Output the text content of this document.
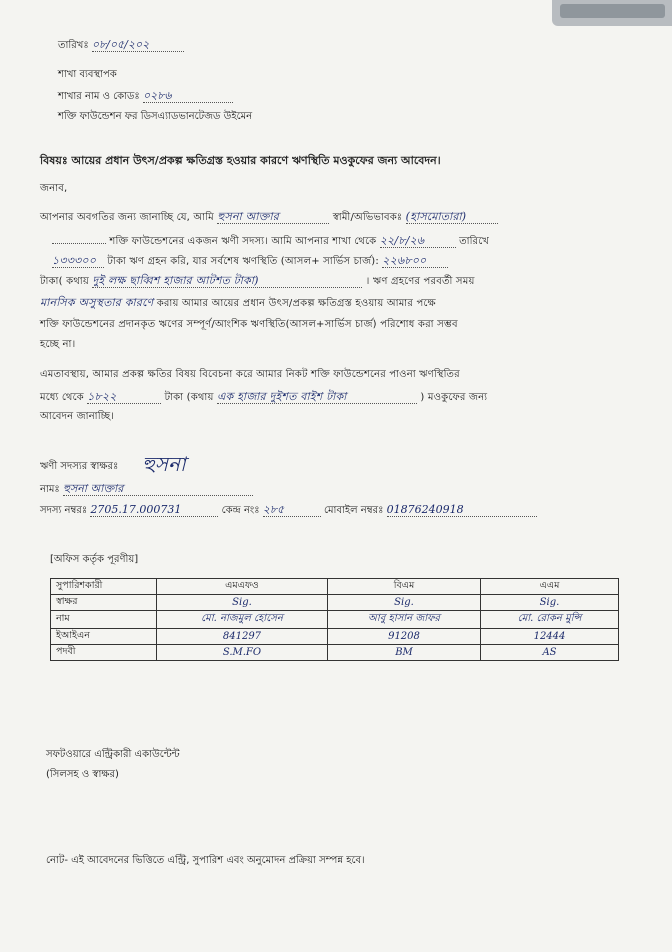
তারিখঃ ০৮/০৫/২০২
শাখা ব্যবস্থাপক
শাখার নাম ও কোডঃ ০২৮৬
শক্তি ফাউন্ডেশন ফর ডিসএ্যাডভানটেজড উইমেন
বিষয়ঃ আয়ের প্রধান উৎস/প্রকল্প ক্ষতিগ্রস্ত হওয়ার কারণে ঋণস্থিতি মওকুফের জন্য আবেদন।
জনাব,
আপনার অবগতির জন্য জানাচ্ছি যে, আমি হুসনা আক্তার	স্বামী/অভিভাবকঃ (হাসমোতারা)
শক্তি ফাউন্ডেশনের একজন ঋণী সদস্য। আমি আপনার শাখা থেকে ২২/৮/২৬	তারিখে
১৩৩৩০০ টাকা ঋণ গ্রহন করি, যার সর্বশেষ ঋণস্থিতি (আসল+ সার্ভিস চার্জ): ২২৬৮০০
টাকা( কথায় দুই লক্ষ ছাব্বিশ হাজার আটশত টাকা)	। ঋণ গ্রহণের পরবর্তী সময়
মানসিক অসুস্থতার কারণে করায় আমার আয়ের প্রধান উৎস/প্রকল্প ক্ষতিগ্রস্ত হওয়ায় আমার পক্ষে
শক্তি ফাউন্ডেশনের প্রদানকৃত ঋণের সম্পূর্ণ/আংশিক ঋণস্থিতি(আসল+সার্ভিস চার্জ) পরিশোধ করা সম্ভব
হচ্ছে না।
এমতাবস্থায়, আমার প্রকল্প ক্ষতির বিষয় বিবেচনা করে আমার নিকট শক্তি ফাউন্ডেশনের পাওনা ঋণস্থিতির
মধ্যে থেকে ১৮২২	টাকা (কথায় এক হাজার দুইশত বাইশ টাকা	) মওকুফের জন্য
আবেদন জানাচ্ছি।
ঋণী সদস্যর স্বাক্ষরঃ হুসনা
নামঃ হুসনা আক্তার
সদস্য নম্বরঃ 2705.17.000731	কেন্দ্র নংঃ ২৮৫	মোবাইল নম্বরঃ 01876240918
[অফিস কর্তৃক পূরণীয়]
সুপারিশকারী	এমএফও	বিএম	এএম
স্বাক্ষর	Sig.	Sig.	Sig.
নাম	মো. নাজমুল হোসেন	আবু হাসান জাফর	মো. রোকন মুন্সি
ইআইএন	841297	91208	12444
পদবী	S.M.FO	BM	AS
সফটওয়ারে এন্ট্রিকারী একাউন্টেন্ট
(সিলসহ ও স্বাক্ষর)
নোট- এই আবেদনের ভিত্তিতে এন্ট্রি, সুপারিশ এবং অনুমোদন প্রক্রিয়া সম্পন্ন হবে।
